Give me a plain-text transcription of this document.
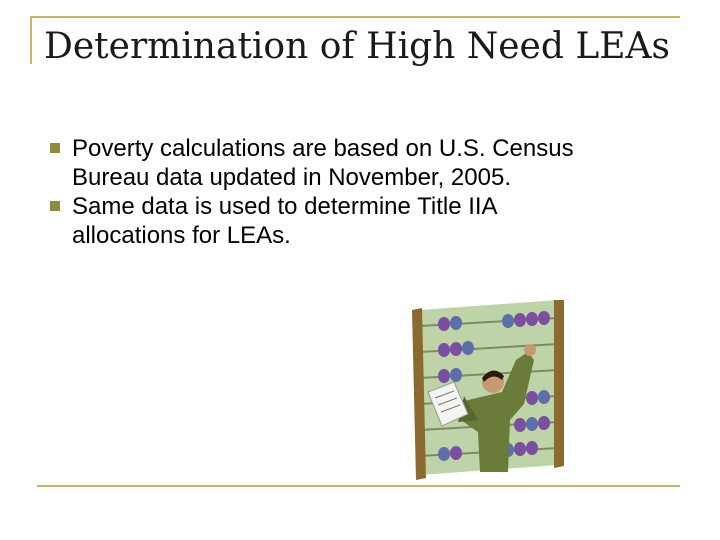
Determination of High Need LEAs
Poverty calculations are based on U.S. Census Bureau data updated in November, 2005.
Same data is used to determine Title IIA allocations for LEAs.
